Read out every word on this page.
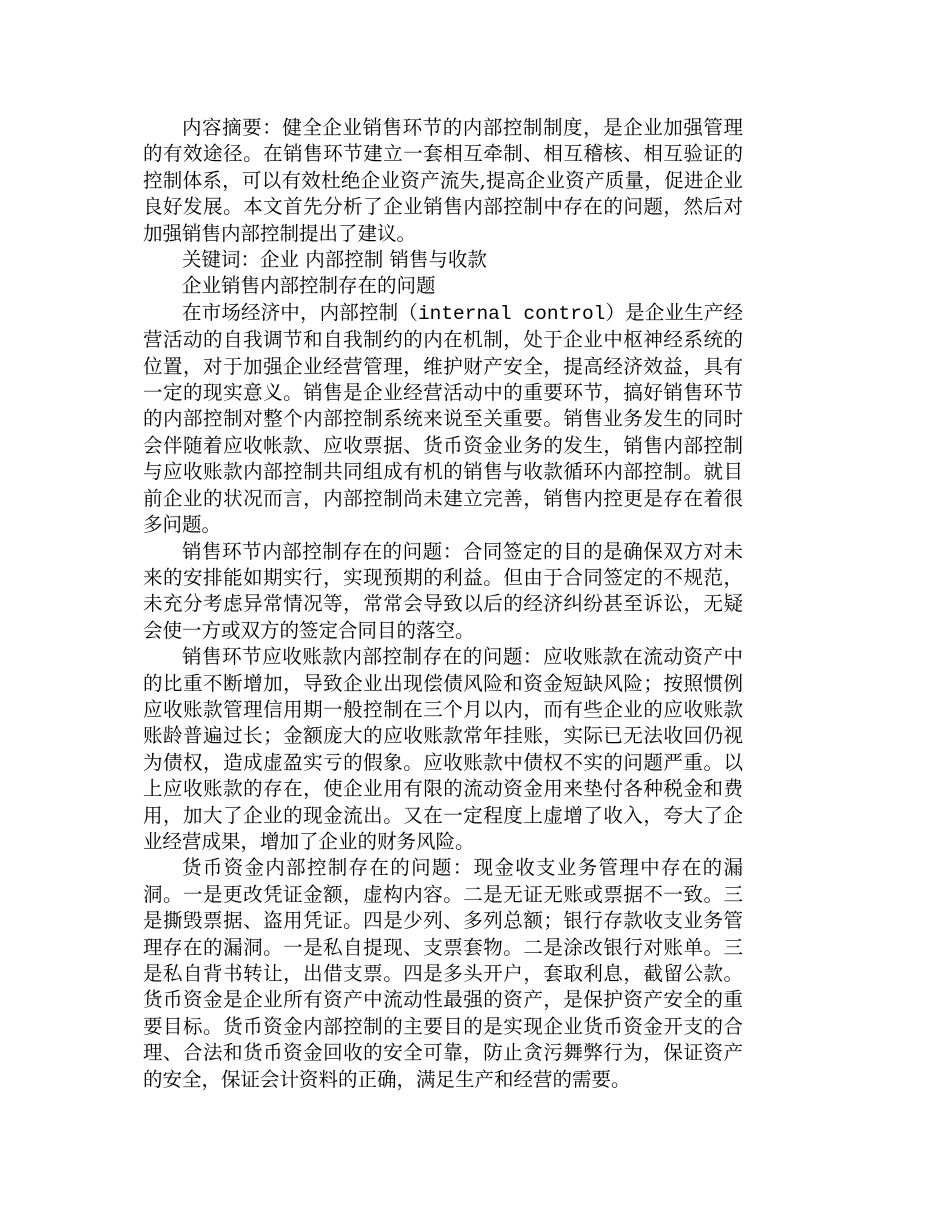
内容摘要：健全企业销售环节的内部控制制度，是企业加强管理的有效途径。在销售环节建立一套相互牵制、相互稽核、相互验证的控制体系，可以有效杜绝企业资产流失,提高企业资产质量，促进企业良好发展。本文首先分析了企业销售内部控制中存在的问题，然后对加强销售内部控制提出了建议。

关键词：企业 内部控制 销售与收款

企业销售内部控制存在的问题

在市场经济中，内部控制（internal control）是企业生产经营活动的自我调节和自我制约的内在机制，处于企业中枢神经系统的位置，对于加强企业经营管理，维护财产安全，提高经济效益，具有一定的现实意义。销售是企业经营活动中的重要环节，搞好销售环节的内部控制对整个内部控制系统来说至关重要。销售业务发生的同时会伴随着应收帐款、应收票据、货币资金业务的发生，销售内部控制与应收账款内部控制共同组成有机的销售与收款循环内部控制。就目前企业的状况而言，内部控制尚未建立完善，销售内控更是存在着很多问题。

销售环节内部控制存在的问题：合同签定的目的是确保双方对未来的安排能如期实行，实现预期的利益。但由于合同签定的不规范，未充分考虑异常情况等，常常会导致以后的经济纠纷甚至诉讼，无疑会使一方或双方的签定合同目的落空。

销售环节应收账款内部控制存在的问题：应收账款在流动资产中的比重不断增加，导致企业出现偿债风险和资金短缺风险；按照惯例应收账款管理信用期一般控制在三个月以内，而有些企业的应收账款账龄普遍过长；金额庞大的应收账款常年挂账，实际已无法收回仍视为债权，造成虚盈实亏的假象。应收账款中债权不实的问题严重。以上应收账款的存在，使企业用有限的流动资金用来垫付各种税金和费用，加大了企业的现金流出。又在一定程度上虚增了收入，夸大了企业经营成果，增加了企业的财务风险。

货币资金内部控制存在的问题：现金收支业务管理中存在的漏洞。一是更改凭证金额，虚构内容。二是无证无账或票据不一致。三是撕毁票据、盗用凭证。四是少列、多列总额；银行存款收支业务管理存在的漏洞。一是私自提现、支票套物。二是涂改银行对账单。三是私自背书转让，出借支票。四是多头开户，套取利息，截留公款。货币资金是企业所有资产中流动性最强的资产，是保护资产安全的重要目标。货币资金内部控制的主要目的是实现企业货币资金开支的合理、合法和货币资金回收的安全可靠，防止贪污舞弊行为，保证资产的安全，保证会计资料的正确，满足生产和经营的需要。
